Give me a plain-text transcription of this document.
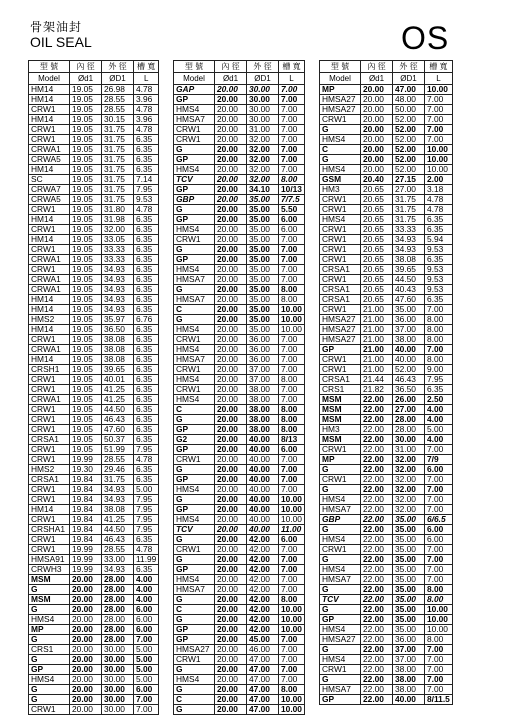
骨架油封
OIL SEAL	OS
型 號	內 徑	外 徑	槽 寬
Model	Ød1	ØD1	L
HM14	19.05	26.98	4.78
HM14	19.05	28.55	3.96
CRW1	19.05	28.55	4.78
HM14	19.05	30.15	3.96
CRW1	19.05	31.75	4.78
CRW1	19.05	31.75	6.35
CRWA1	19.05	31.75	6.35
CRWA5	19.05	31.75	6.35
HM14	19.05	31.75	6.35
SC	19.05	31.75	7.14
CRWA7	19.05	31.75	7.95
CRWA5	19.05	31.75	9.53
CRW1	19.05	31.80	4.78
HM14	19.05	31.98	6.35
CRW1	19.05	32.00	6.35
HM14	19.05	33.05	6.35
CRW1	19.05	33.33	6.35
CRWA1	19.05	33.33	6.35
CRW1	19.05	34.93	6.35
CRWA1	19.05	34.93	6.35
CRWA1	19.05	34.93	6.35
HM14	19.05	34.93	6.35
HM14	19.05	34.93	6.35
HMS2	19.05	35.97	6.76
HM14	19.05	36.50	6.35
CRW1	19.05	38.08	6.35
CRWA1	19.05	38.08	6.35
HM14	19.05	38.08	6.35
CRSH1	19.05	39.65	6.35
CRW1	19.05	40.01	6.35
CRW1	19.05	41.25	6.35
CRWA1	19.05	41.25	6.35
CRW1	19.05	44.50	6.35
CRW1	19.05	46.43	6.35
CRW1	19.05	47.60	6.35
CRSA1	19.05	50.37	6.35
CRW1	19.05	51.99	7.95
CRW1	19.99	28.55	4.78
HMS2	19.30	29.46	6.35
CRSA1	19.84	31.75	6.35
CRW1	19.84	34.93	5.00
CRW1	19.84	34.93	7.95
HM14	19.84	38.08	7.95
CRW1	19.84	41.25	7.95
CRSHA1	19.84	44.50	7.95
CRW1	19.84	46.43	6.35
CRW1	19.99	28.55	4.78
HMSA91	19.99	33.00	11.99
CRWH3	19.99	34.93	6.35
MSM	20.00	28.00	4.00
G	20.00	28.00	4.00
MSM	20.00	28.00	4.00
G	20.00	28.00	6.00
HMS4	20.00	28.00	6.00
MP	20.00	28.00	6.00
G	20.00	28.00	7.00
CRS1	20.00	30.00	5.00
G	20.00	30.00	5.00
GP	20.00	30.00	5.00
HMS4	20.00	30.00	5.00
G	20.00	30.00	6.00
G	20.00	30.00	7.00
CRW1	20.00	30.00	7.00
型 號	內 徑	外 徑	槽 寬
Model	Ød1	ØD1	L
GAP	20.00	30.00	7.00
GP	20.00	30.00	7.00
HMS4	20.00	30.00	7.00
HMSA7	20.00	30.00	7.00
CRW1	20.00	31.00	7.00
CRW1	20.00	32.00	7.00
G	20.00	32.00	7.00
GP	20.00	32.00	7.00
HMS4	20.00	32.00	7.00
TCV	20.00	32.00	8.00
GP	20.00	34.10	10/13
GBP	20.00	35.00	7/7.5
G	20.00	35.00	5.50
GP	20.00	35.00	6.00
HMS4	20.00	35.00	6.00
CRW1	20.00	35.00	7.00
G	20.00	35.00	7.00
GP	20.00	35.00	7.00
HMS4	20.00	35.00	7.00
HMSA7	20.00	35.00	7.00
G	20.00	35.00	8.00
HMSA7	20.00	35.00	8.00
C	20.00	35.00	10.00
G	20.00	35.00	10.00
HMS4	20.00	35.00	10.00
CRW1	20.00	36.00	7.00
HMS4	20.00	36.00	7.00
HMSA7	20.00	36.00	7.00
CRW1	20.00	37.00	7.00
HMS4	20.00	37.00	8.00
CRW1	20.00	38.00	7.00
HMS4	20.00	38.00	7.00
C	20.00	38.00	8.00
G	20.00	38.00	8.00
GP	20.00	38.00	8.00
G2	20.00	40.00	8/13
GP	20.00	40.00	6.00
CRW1	20.00	40.00	7.00
G	20.00	40.00	7.00
GP	20.00	40.00	7.00
HMS4	20.00	40.00	7.00
G	20.00	40.00	10.00
GP	20.00	40.00	10.00
HMS4	20.00	40.00	10.00
TCV	20.00	40.00	11.00
G	20.00	42.00	6.00
CRW1	20.00	42.00	7.00
G	20.00	42.00	7.00
GP	20.00	42.00	7.00
HMS4	20.00	42.00	7.00
HMSA7	20.00	42.00	7.00
G	20.00	42.00	8.00
C	20.00	42.00	10.00
G	20.00	42.00	10.00
GP	20.00	42.00	10.00
GP	20.00	45.00	7.00
HMSA27	20.00	46.00	7.00
CRW1	20.00	47.00	7.00
G	20.00	47.00	7.00
HMS4	20.00	47.00	7.00
G	20.00	47.00	8.00
C	20.00	47.00	10.00
G	20.00	47.00	10.00
型 號	內 徑	外 徑	槽 寬
Model	Ød1	ØD1	L
MP	20.00	47.00	10.00
HMSA27	20.00	48.00	7.00
HMSA27	20.00	50.00	7.00
CRW1	20.00	52.00	7.00
G	20.00	52.00	7.00
HMS4	20.00	52.00	7.00
C	20.00	52.00	10.00
G	20.00	52.00	10.00
HMS4	20.00	52.00	10.00
GSM	20.40	27.15	2.00
HM3	20.65	27.00	3.18
CRW1	20.65	31.75	4.78
CRW1	20.65	31.75	4.78
HMS4	20.65	31.75	6.35
CRW1	20.65	33.33	6.35
CRW1	20.65	34.93	5.94
CRW1	20.65	34.93	9.53
CRW1	20.65	38.08	6.35
CRSA1	20.65	39.65	9.53
CRW1	20.65	44.50	9.53
CRSA1	20.65	40.43	9.53
CRSA1	20.65	47.60	6.35
CRW1	21.00	35.00	7.00
HMSA27	21.00	36.00	8.00
HMSA27	21.00	37.00	8.00
HMSA27	21.00	38.00	8.00
GP	21.00	40.00	7.00
CRW1	21.00	40.00	8.00
CRW1	21.00	52.00	9.00
CRSA1	21.44	46.43	7.95
CRS1	21.82	36.50	6.35
MSM	22.00	26.00	2.50
MSM	22.00	27.00	4.00
MSM	22.00	28.00	4.00
HM3	22.00	28.00	5.00
MSM	22.00	30.00	4.00
CRW1	22.00	31.00	7.00
MP	22.00	32.00	7/9
G	22.00	32.00	6.00
CRW1	22.00	32.00	7.00
G	22.00	32.00	7.00
HMS4	22.00	32.00	7.00
HMSA7	22.00	32.00	7.00
GBP	22.00	35.00	6/6.5
G	22.00	35.00	6.00
HMS4	22.00	35.00	6.00
CRW1	22.00	35.00	7.00
G	22.00	35.00	7.00
HMS4	22.00	35.00	7.00
HMSA7	22.00	35.00	7.00
G	22.00	35.00	8.00
TCV	22.00	35.00	8.00
G	22.00	35.00	10.00
GP	22.00	35.00	10.00
HMS4	22.00	35.00	10.00
HMSA27	22.00	36.00	8.00
G	22.00	37.00	7.00
HMS4	22.00	37.00	7.00
CRW1	22.00	38.00	7.00
G	22.00	38.00	7.00
HMSA7	22.00	38.00	7.00
GP	22.00	40.00	8/11.5
